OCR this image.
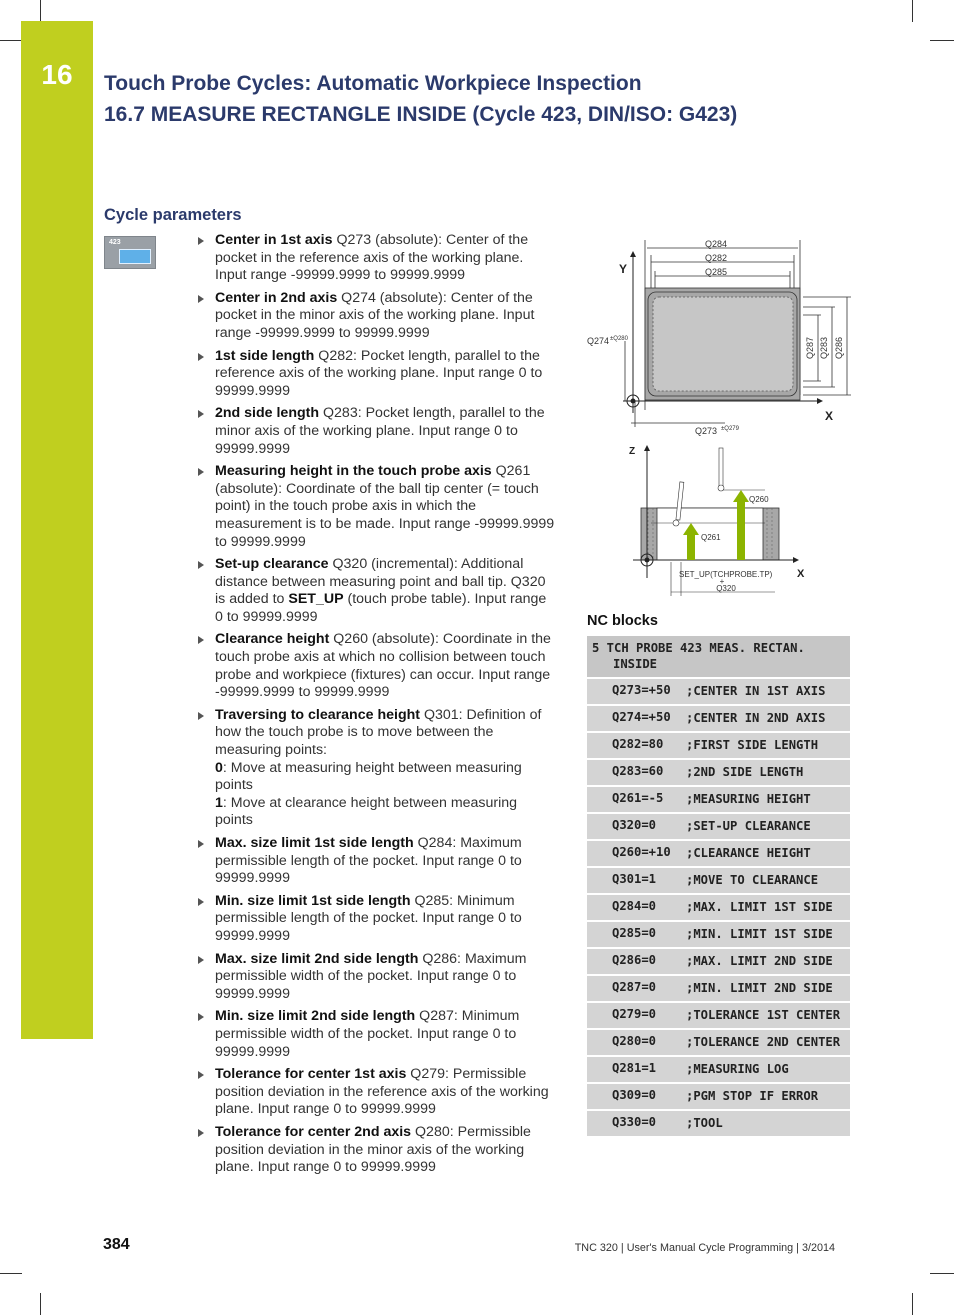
16	Touch Probe Cycles: Automatic Workpiece Inspection
16.7 MEASURE RECTANGLE INSIDE (Cycle 423, DIN/ISO: G423)
Cycle parameters
423	Center in 1st axis Q273 (absolute): Center of the pocket in the reference axis of the working plane. Input range -99999.9999 to 99999.9999
Center in 2nd axis Q274 (absolute): Center of the pocket in the minor axis of the working plane. Input range -99999.9999 to 99999.9999
1st side length Q282: Pocket length, parallel to the reference axis of the working plane. Input range 0 to 99999.9999
2nd side length Q283: Pocket length, parallel to the minor axis of the working plane. Input range 0 to 99999.9999
Measuring height in the touch probe axis Q261 (absolute): Coordinate of the ball tip center (= touch point) in the touch probe axis in which the measurement is to be made. Input range -99999.9999 to 99999.9999
Set-up clearance Q320 (incremental): Additional distance between measuring point and ball tip. Q320 is added to SET_UP (touch probe table). Input range 0 to 99999.9999
Clearance height Q260 (absolute): Coordinate in the touch probe axis at which no collision between touch probe and workpiece (fixtures) can occur. Input range -99999.9999 to 99999.9999
Traversing to clearance height Q301: Definition of how the touch probe is to move between the measuring points:
0: Move at measuring height between measuring points
1: Move at clearance height between measuring points
Max. size limit 1st side length Q284: Maximum permissible length of the pocket. Input range 0 to 99999.9999
Min. size limit 1st side length Q285: Minimum permissible length of the pocket. Input range 0 to 99999.9999
Max. size limit 2nd side length Q286: Maximum permissible width of the pocket. Input range 0 to 99999.9999
Min. size limit 2nd side length Q287: Minimum permissible width of the pocket. Input range 0 to 99999.9999
Tolerance for center 1st axis Q279: Permissible position deviation in the reference axis of the working plane. Input range 0 to 99999.9999
Tolerance for center 2nd axis Q280: Permissible position deviation in the minor axis of the working plane. Input range 0 to 99999.9999
Q284
Q282
Q285
Y
X
Q274 ±Q280
Q273 ±Q279
Q287 Q283 Q286
Z
X
Q260
Q261
SET_UP(TCHPROBE.TP)
+
Q320
NC blocks
5 TCH PROBE 423 MEAS. RECTAN.
INSIDE
Q273=+50	;CENTER IN 1ST AXIS
Q274=+50	;CENTER IN 2ND AXIS
Q282=80	;FIRST SIDE LENGTH
Q283=60	;2ND SIDE LENGTH
Q261=-5	;MEASURING HEIGHT
Q320=0	;SET-UP CLEARANCE
Q260=+10	;CLEARANCE HEIGHT
Q301=1	;MOVE TO CLEARANCE
Q284=0	;MAX. LIMIT 1ST SIDE
Q285=0	;MIN. LIMIT 1ST SIDE
Q286=0	;MAX. LIMIT 2ND SIDE
Q287=0	;MIN. LIMIT 2ND SIDE
Q279=0	;TOLERANCE 1ST CENTER
Q280=0	;TOLERANCE 2ND CENTER
Q281=1	;MEASURING LOG
Q309=0	;PGM STOP IF ERROR
Q330=0	;TOOL
384	TNC 320 | User's Manual Cycle Programming | 3/2014
